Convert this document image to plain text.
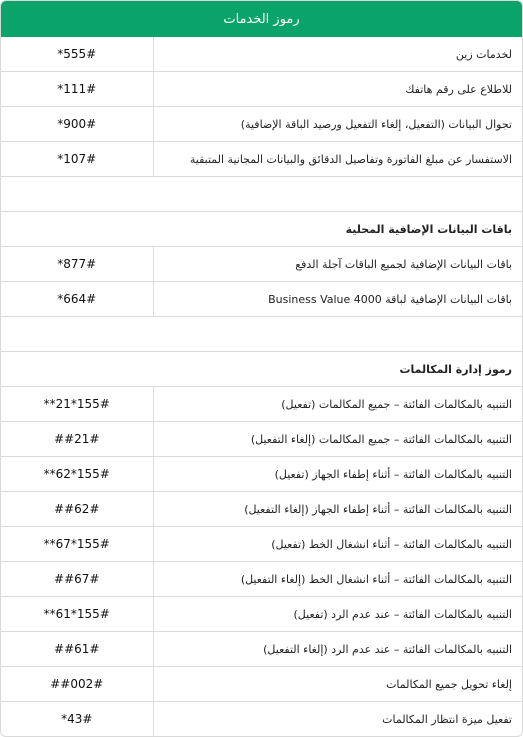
رموز الخدمات
*555#	لخدمات زين
*111#	للاطلاع على رقم هاتفك
*900#	تجوال البيانات (التفعيل، إلغاء التفعيل ورصيد الباقة الإضافية)
*107#	الاستفسار عن مبلغ الفاتورة وتفاصيل الدقائق والبيانات المجانية المتبقية

باقات البيانات الإضافية المحلية	
*877#	باقات البيانات الإضافية لجميع الباقات آجلة الدفع
*664#	باقات البيانات الإضافية لباقة Business Value 4000

رموز إدارة المكالمات	
**21*155#	التنبيه بالمكالمات الفائتة – جميع المكالمات (تفعيل)
##21#	التنبيه بالمكالمات الفائتة – جميع المكالمات (إلغاء التفعيل)
**62*155#	التنبيه بالمكالمات الفائتة – أثناء إطفاء الجهاز (تفعيل)
##62#	التنبيه بالمكالمات الفائتة – أثناء إطفاء الجهاز (إلغاء التفعيل)
**67*155#	التنبيه بالمكالمات الفائتة – أثناء انشغال الخط (تفعيل)
##67#	التنبيه بالمكالمات الفائتة – أثناء انشغال الخط (إلغاء التفعيل)
**61*155#	التنبيه بالمكالمات الفائتة – عند عدم الرد (تفعيل)
##61#	التنبيه بالمكالمات الفائتة – عند عدم الرد (إلغاء التفعيل)
##002#	إلغاء تحويل جميع المكالمات
*43#	تفعيل ميزة انتظار المكالمات
